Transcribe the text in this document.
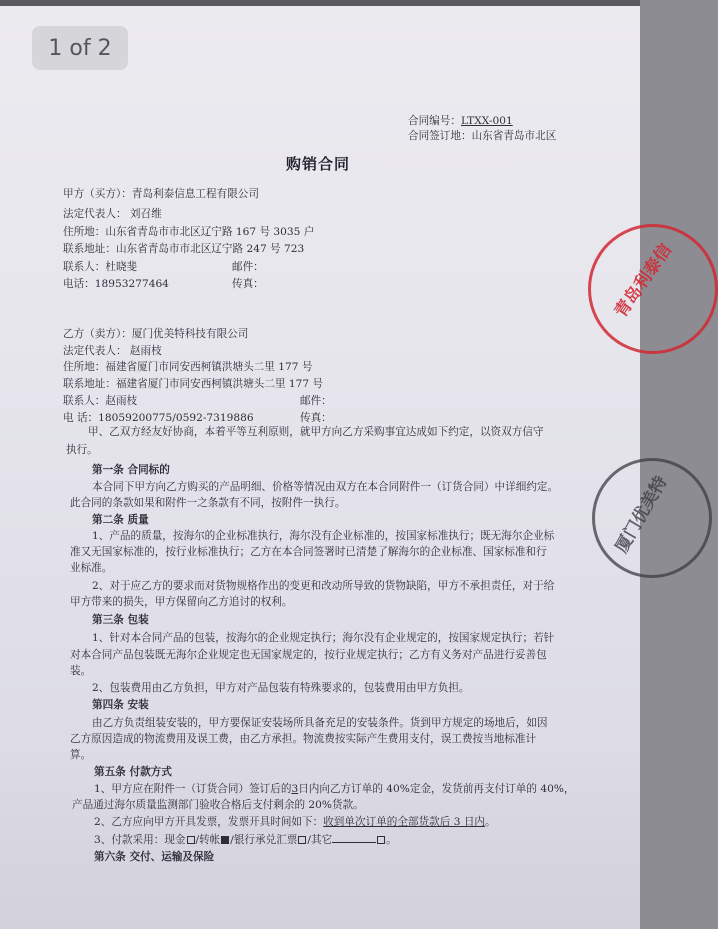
合同编号：LTXX-001
合同签订地：山东省青岛市北区
购销合同
甲方（买方）：青岛利泰信息工程有限公司
法定代表人： 刘召维
住所地：山东省青岛市市北区辽宁路 167 号 3035 户
联系地址：山东省青岛市市北区辽宁路 247 号 723
联系人：杜晓斐	邮件：
电话：18953277464	传真：
乙方（卖方）：厦门优美特科技有限公司
法定代表人： 赵雨枝
住所地：福建省厦门市同安西柯镇洪塘头二里 177 号
联系地址：福建省厦门市同安西柯镇洪塘头二里 177 号
联系人：赵雨枝	邮件：
电 话：18059200775/0592-7319886	传真：
甲、乙双方经友好协商，本着平等互利原则，就甲方向乙方采购事宜达成如下约定，以资双方信守
执行。
第一条 合同标的
本合同下甲方向乙方购买的产品明细、价格等情况由双方在本合同附件一（订货合同）中详细约定。
此合同的条款如果和附件一之条款有不同，按附件一执行。
第二条 质量
1、产品的质量，按海尔的企业标准执行，海尔没有企业标准的，按国家标准执行；既无海尔企业标
准又无国家标准的，按行业标准执行；乙方在本合同签署时已清楚了解海尔的企业标准、国家标准和行
业标准。
2、对于应乙方的要求而对货物规格作出的变更和改动所导致的货物缺陷，甲方不承担责任，对于给
甲方带来的损失，甲方保留向乙方追讨的权利。
第三条 包装
1、针对本合同产品的包装，按海尔的企业规定执行；海尔没有企业规定的，按国家规定执行；若针
对本合同产品包装既无海尔企业规定也无国家规定的，按行业规定执行；乙方有义务对产品进行妥善包
装。
2、包装费用由乙方负担，甲方对产品包装有特殊要求的，包装费用由甲方负担。
第四条 安装
由乙方负责组装安装的，甲方要保证安装场所具备充足的安装条件。货到甲方规定的场地后，如因
乙方原因造成的物流费用及误工费，由乙方承担。物流费按实际产生费用支付，误工费按当地标准计
算。
第五条 付款方式
1、甲方应在附件一（订货合同）签订后的3日内向乙方订单的 40%定金，发货前再支付订单的 40%，
产品通过海尔质量监测部门验收合格后支付剩余的 20%货款。
2、乙方应向甲方开具发票，发票开具时间如下：收到单次订单的全部货款后 3 日内。
3、付款采用：现金 /转帐 /银行承兑汇票 /其它	。
第六条 交付、运输及保险
青岛利泰信
厦门优美特
1 of 2
